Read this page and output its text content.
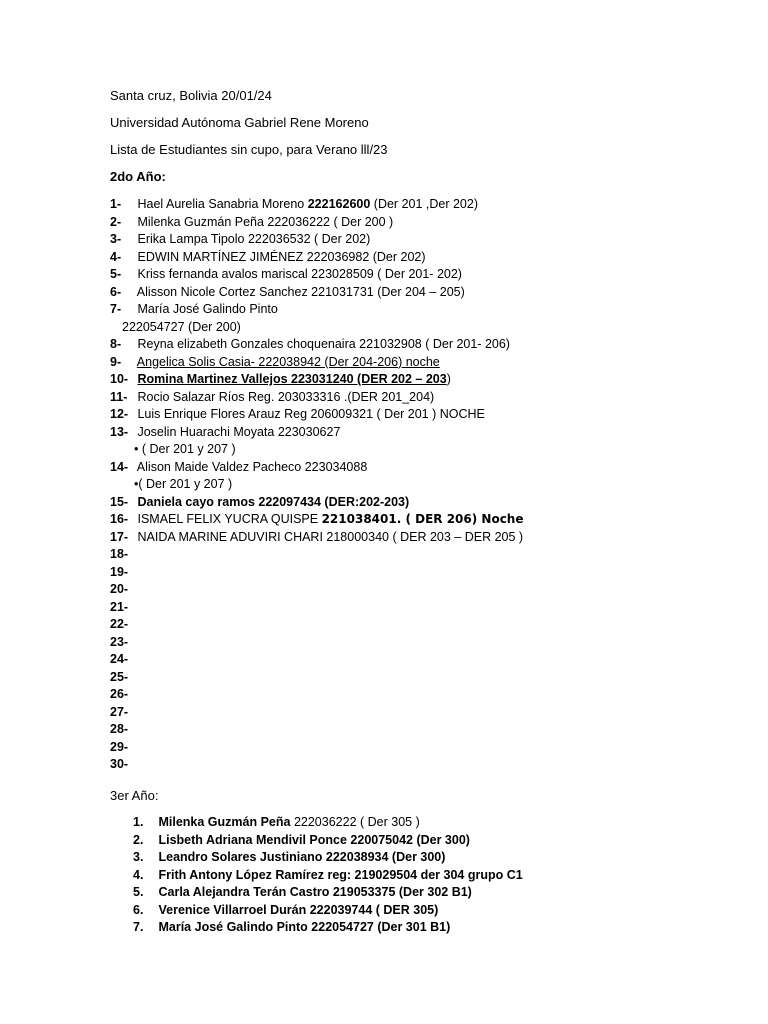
Santa cruz, Bolivia 20/01/24
Universidad Autónoma Gabriel Rene Moreno
Lista de Estudiantes sin cupo, para Verano lll/23
2do Año:
1- Hael Aurelia Sanabria Moreno 222162600 (Der 201 ,Der 202)
2- Milenka Guzmán Peña 222036222 ( Der 200 )
3- Erika Lampa Tipolo 222036532 ( Der 202)
4- EDWIN MARTÍNEZ JIMÉNEZ 222036982 (Der 202)
5- Kriss fernanda avalos mariscal 223028509 ( Der 201- 202)
6- Alisson Nicole Cortez Sanchez 221031731 (Der 204 – 205)
7- María José Galindo Pinto
222054727 (Der 200)
8- Reyna elizabeth Gonzales choquenaira 221032908 ( Der 201- 206)
9- Angelica Solis Casia- 222038942 (Der 204-206) noche
10- Romina Martinez Vallejos 223031240 (DER 202 – 203)
11- Rocio Salazar Ríos Reg. 203033316 .(DER 201_204)
12- Luis Enrique Flores Arauz Reg 206009321 ( Der 201 ) NOCHE
13- Joselin Huarachi Moyata 223030627
• ( Der 201 y 207 )
14- Alison Maide Valdez Pacheco 223034088
•( Der 201 y 207 )
15- Daniela cayo ramos 222097434 (DER:202-203)
16- ISMAEL FELIX YUCRA QUISPE 221038401. ( DER 206) Noche
17- NAIDA MARINE ADUVIRI CHARI 218000340 ( DER 203 – DER 205 )
18-
19-
20-
21-
22-
23-
24-
25-
26-
27-
28-
29-
30-
3er Año:
1. Milenka Guzmán Peña 222036222 ( Der 305 )
2. Lisbeth Adriana Mendivil Ponce 220075042 (Der 300)
3. Leandro Solares Justiniano 222038934 (Der 300)
4. Frith Antony López Ramírez reg: 219029504 der 304 grupo C1
5. Carla Alejandra Terán Castro 219053375 (Der 302 B1)
6. Verenice Villarroel Durán 222039744 ( DER 305)
7. María José Galindo Pinto 222054727 (Der 301 B1)
